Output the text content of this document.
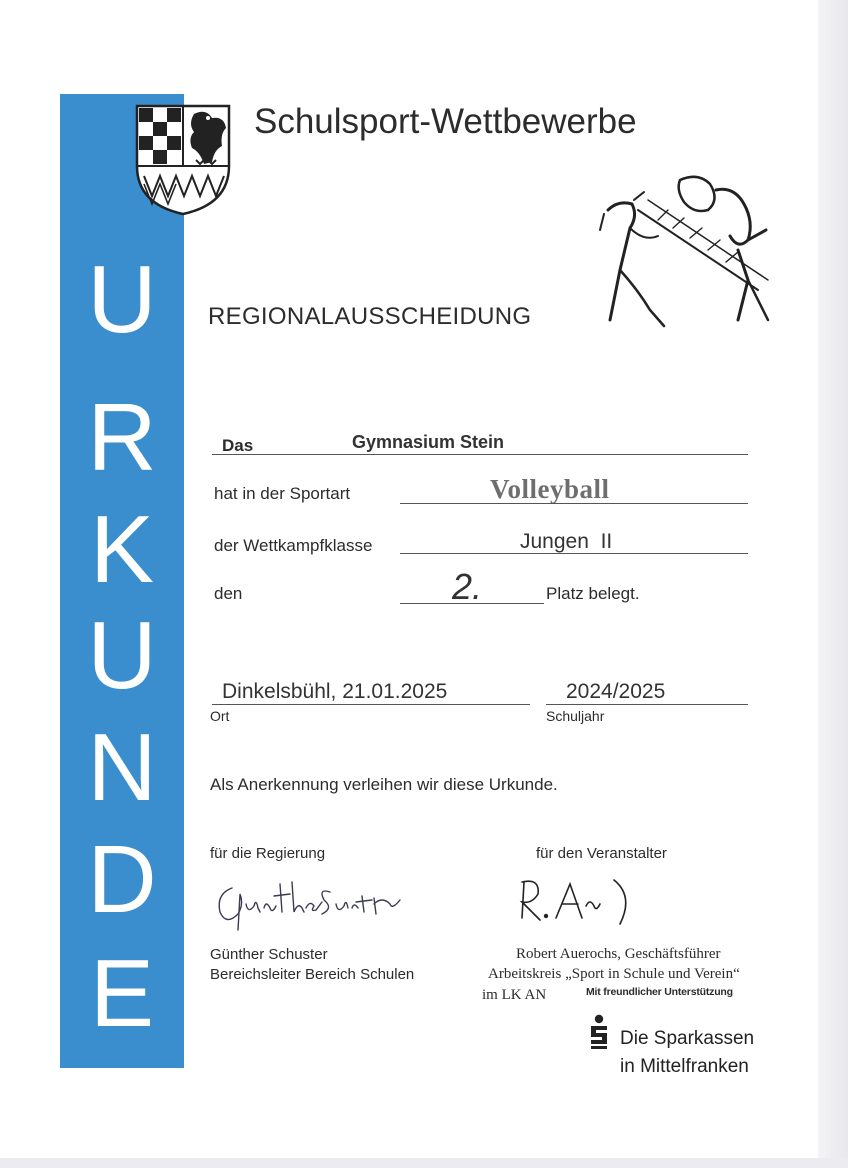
U
R
K
U
N
D
E
Schulsport-Wettbewerbe
REGIONALAUSSCHEIDUNG
Das	Gymnasium Stein
hat in der Sportart	Volleyball
der Wettkampfklasse	Jungen  II
den	2.	Platz belegt.
Dinkelsbühl, 21.01.2025
Ort
2024/2025
Schuljahr
Als Anerkennung verleihen wir diese Urkunde.
für die Regierung
Günther Schuster
Bereichsleiter Bereich Schulen
für den Veranstalter
Robert Auerochs, Geschäftsführer
Arbeitskreis „Sport in Schule und Verein“
im LK AN	Mit freundlicher Unterstützung
Die Sparkassen
in Mittelfranken
